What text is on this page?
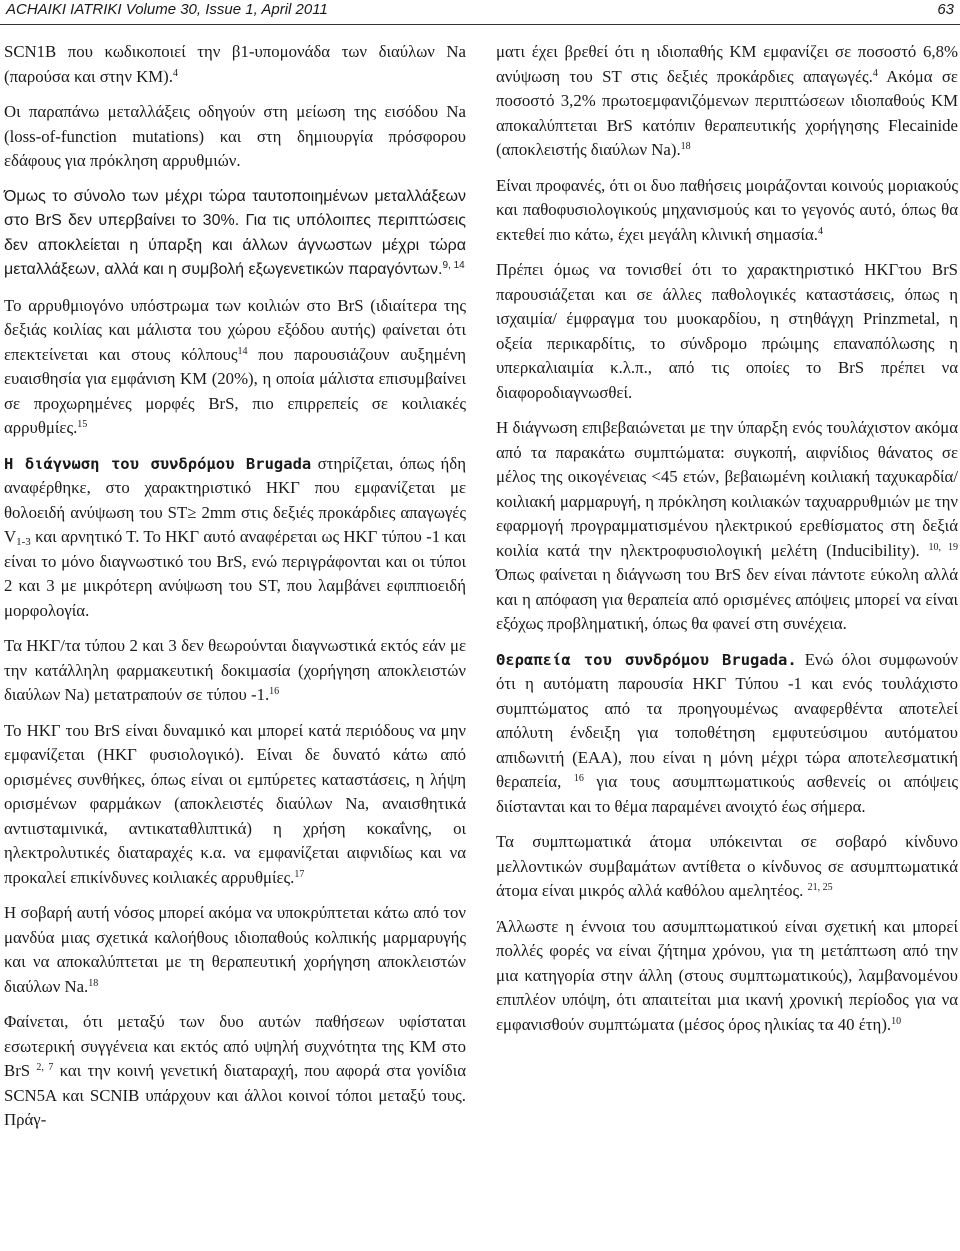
ACHAIKI IATRIKI Volume 30, Issue 1, April 2011	63

SCN1B που κωδικοποιεί την β1-υπομονάδα των διαύλων Na (παρούσα και στην ΚΜ).$^4$

Οι παραπάνω μεταλλάξεις οδηγούν στη μείωση της εισόδου Na (loss-of-function mutations) και στη δημιουργία πρόσφορου εδάφους για πρόκληση αρρυθμιών.

Όμως το σύνολο των μέχρι τώρα ταυτοποιημένων μεταλλάξεων στο BrS δεν υπερβαίνει το 30%. Για τις υπόλοιπες περιπτώσεις δεν αποκλείεται η ύπαρξη και άλλων άγνωστων μέχρι τώρα μεταλλάξεων, αλλά και η συμβολή εξωγενετικών παραγόντων.$^{9, 14}$

Το αρρυθμιογόνο υπόστρωμα των κοιλιών στο BrS (ιδιαίτερα της δεξιάς κοιλίας και μάλιστα του χώρου εξόδου αυτής) φαίνεται ότι επεκτείνεται και στους κόλπους$^{14}$ που παρουσιάζουν αυξημένη ευαισθησία για εμφάνιση ΚΜ (20%), η οποία μάλιστα επισυμβαίνει σε προχωρημένες μορφές BrS, πιο επιρρεπείς σε κοιλιακές αρρυθμίες.$^{15}$

Η διάγνωση του συνδρόμου Brugada στηρίζεται, όπως ήδη αναφέρθηκε, στο χαρακτηριστικό ΗΚΓ που εμφανίζεται με θολοειδή ανύψωση του ST≥ 2mm στις δεξιές προκάρδιες απαγωγές $V_{1-3}$ και αρνητικό Τ. Το ΗΚΓ αυτό αναφέρεται ως ΗΚΓ τύπου -1 και είναι το μόνο διαγνωστικό του BrS, ενώ περιγράφονται και οι τύποι 2 και 3 με μικρότερη ανύψωση του ST, που λαμβάνει εφιππιοειδή μορφολογία.

Τα ΗΚΓ/τα τύπου 2 και 3 δεν θεωρούνται διαγνωστικά εκτός εάν με την κατάλληλη φαρμακευτική δοκιμασία (χορήγηση αποκλειστών διαύλων Na) μετατραπούν σε τύπου -1.16

Το ΗΚΓ του BrS είναι δυναμικό και μπορεί κατά περιόδους να μην εμφανίζεται (ΗΚΓ φυσιολογικό). Είναι δε δυνατό κάτω από ορισμένες συνθήκες, όπως είναι οι εμπύρετες καταστάσεις, η λήψη ορισμένων φαρμάκων (αποκλειστές διαύλων Na, αναισθητικά αντιισταμινικά, αντικαταθλιπτικά) η χρήση κοκαΐνης, οι ηλεκτρολυτικές διαταραχές κ.α. να εμφανίζεται αιφνιδίως και να προκαλεί επικίνδυνες κοιλιακές αρρυθμίες.$^{17}$

Η σοβαρή αυτή νόσος μπορεί ακόμα να υποκρύπτεται κάτω από τον μανδύα μιας σχετικά καλοήθους ιδιοπαθούς κολπικής μαρμαρυγής και να αποκαλύπτεται με τη θεραπευτική χορήγηση αποκλειστών διαύλων Na.$^{18}$

Φαίνεται, ότι μεταξύ των δυο αυτών παθήσεων υφίσταται εσωτερική συγγένεια και εκτός από υψηλή συχνότητα της ΚΜ στο BrS $^{2, 7}$ και την κοινή γενετική διαταραχή, που αφορά στα γονίδια SCN5A και SCNIB υπάρχουν και άλλοι κοινοί τόποι μεταξύ τους. Πράγ-

ματι έχει βρεθεί ότι η ιδιοπαθής ΚΜ εμφανίζει σε ποσοστό 6,8% ανύψωση του ST στις δεξιές προκάρδιες απαγωγές.$^4$ Ακόμα σε ποσοστό 3,2% πρωτοεμφανιζόμενων περιπτώσεων ιδιοπαθούς ΚΜ αποκαλύπτεται BrS κατόπιν θεραπευτικής χορήγησης Flecainide (αποκλειστής διαύλων Na).$^{18}$

Είναι προφανές, ότι οι δυο παθήσεις μοιράζονται κοινούς μοριακούς και παθοφυσιολογικούς μηχανισμούς και το γεγονός αυτό, όπως θα εκτεθεί πιο κάτω, έχει μεγάλη κλινική σημασία.$^4$

Πρέπει όμως να τονισθεί ότι το χαρακτηριστικό ΗΚΓτου BrS παρουσιάζεται και σε άλλες παθολογικές καταστάσεις, όπως η ισχαιμία/ έμφραγμα του μυοκαρδίου, η στηθάγχη Prinzmetal, η οξεία περικαρδίτις, το σύνδρομο πρώιμης επαναπόλωσης η υπερκαλιαιμία κ.λ.π., από τις οποίες το BrS πρέπει να διαφοροδιαγνωσθεί.

Η διάγνωση επιβεβαιώνεται με την ύπαρξη ενός τουλάχιστον ακόμα από τα παρακάτω συμπτώματα: συγκοπή, αιφνίδιος θάνατος σε μέλος της οικογένειας <45 ετών, βεβαιωμένη κοιλιακή ταχυκαρδία/κοιλιακή μαρμαρυγή, η πρόκληση κοιλιακών ταχυαρρυθμιών με την εφαρμογή προγραμματισμένου ηλεκτρικού ερεθίσματος στη δεξιά κοιλία κατά την ηλεκτροφυσιολογική μελέτη (Inducibility). $^{10, 19}$ Όπως φαίνεται η διάγνωση του BrS δεν είναι πάντοτε εύκολη αλλά και η απόφαση για θεραπεία από ορισμένες απόψεις μπορεί να είναι εξόχως προβληματική, όπως θα φανεί στη συνέχεια.

Θεραπεία του συνδρόμου Brugada. Ενώ όλοι συμφωνούν ότι η αυτόματη παρουσία ΗΚΓ Τύπου -1 και ενός τουλάχιστο συμπτώματος από τα προηγουμένως αναφερθέντα αποτελεί απόλυτη ένδειξη για τοποθέτηση εμφυτεύσιμου αυτόματου απιδωνιτή (ΕΑΑ), που είναι η μόνη μέχρι τώρα αποτελεσματική θεραπεία, $^{16}$ για τους ασυμπτωματικούς ασθενείς οι απόψεις διίστανται και το θέμα παραμένει ανοιχτό έως σήμερα.

Τα συμπτωματικά άτομα υπόκεινται σε σοβαρό κίνδυνο μελλοντικών συμβαμάτων αντίθετα ο κίνδυνος σε ασυμπτωματικά άτομα είναι μικρός αλλά καθόλου αμελητέος. $^{21, 25}$

Άλλωστε η έννοια του ασυμπτωματικού είναι σχετική και μπορεί πολλές φορές να είναι ζήτημα χρόνου, για τη μετάπτωση από την μια κατηγορία στην άλλη (στους συμπτωματικούς), λαμβανομένου επιπλέον υπόψη, ότι απαιτείται μια ικανή χρονική περίοδος για να εμφανισθούν συμπτώματα (μέσος όρος ηλικίας τα 40 έτη).$^{10}$
